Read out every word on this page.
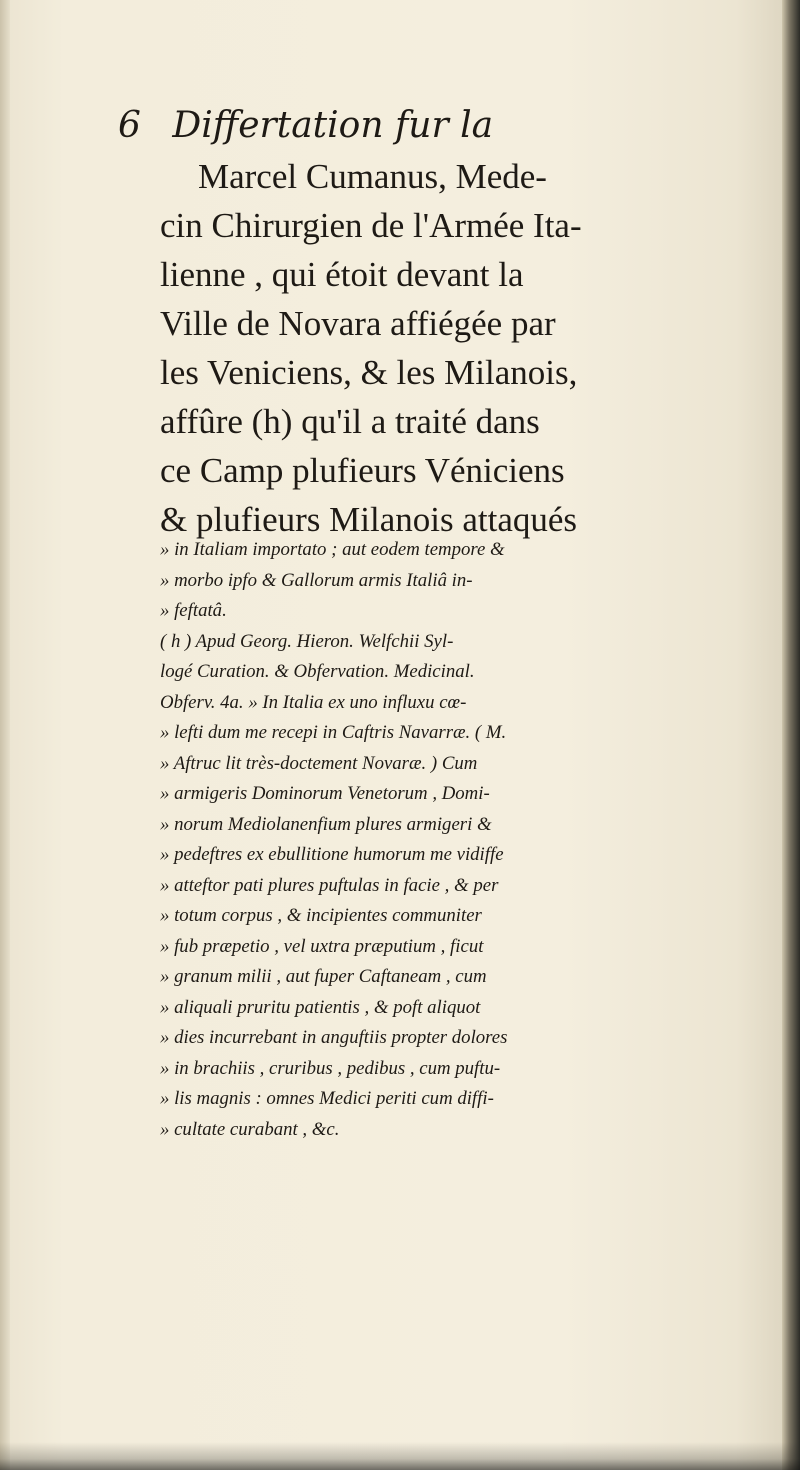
6 Differtation fur la
Marcel Cumanus, Mede-
cin Chirurgien de l'Armée Ita-
lienne , qui étoit devant la
Ville de Novara affiégée par
les Veniciens, & les Milanois,
affûre (h) qu'il a traité dans
ce Camp plufieurs Véniciens
& plufieurs Milanois attaqués
» in Italiam importato ; aut eodem tempore &
» morbo ipfo & Gallorum armis Italiâ in-
» feftatâ.
( h ) Apud Georg. Hieron. Welfchii Syl-
logé Curation. & Obfervation. Medicinal.
Obferv. 4a. » In Italia ex uno influxu cœ-
» lefti dum me recepi in Caftris Navarræ. ( M.
» Aftruc lit très-doctement Novaræ. ) Cum
» armigeris Dominorum Venetorum , Domi-
» norum Mediolanenfium plures armigeri &
» pedeftres ex ebullitione humorum me vidiffe
» atteftor pati plures puftulas in facie , & per
» totum corpus , & incipientes communiter
» fub præpetio , vel uxtra præputium , ficut
» granum milii , aut fuper Caftaneam , cum
» aliquali pruritu patientis , & poft aliquot
» dies incurrebant in anguftiis propter dolores
» in brachiis , cruribus , pedibus , cum puftu-
» lis magnis : omnes Medici periti cum diffi-
» cultate curabant , &c.
